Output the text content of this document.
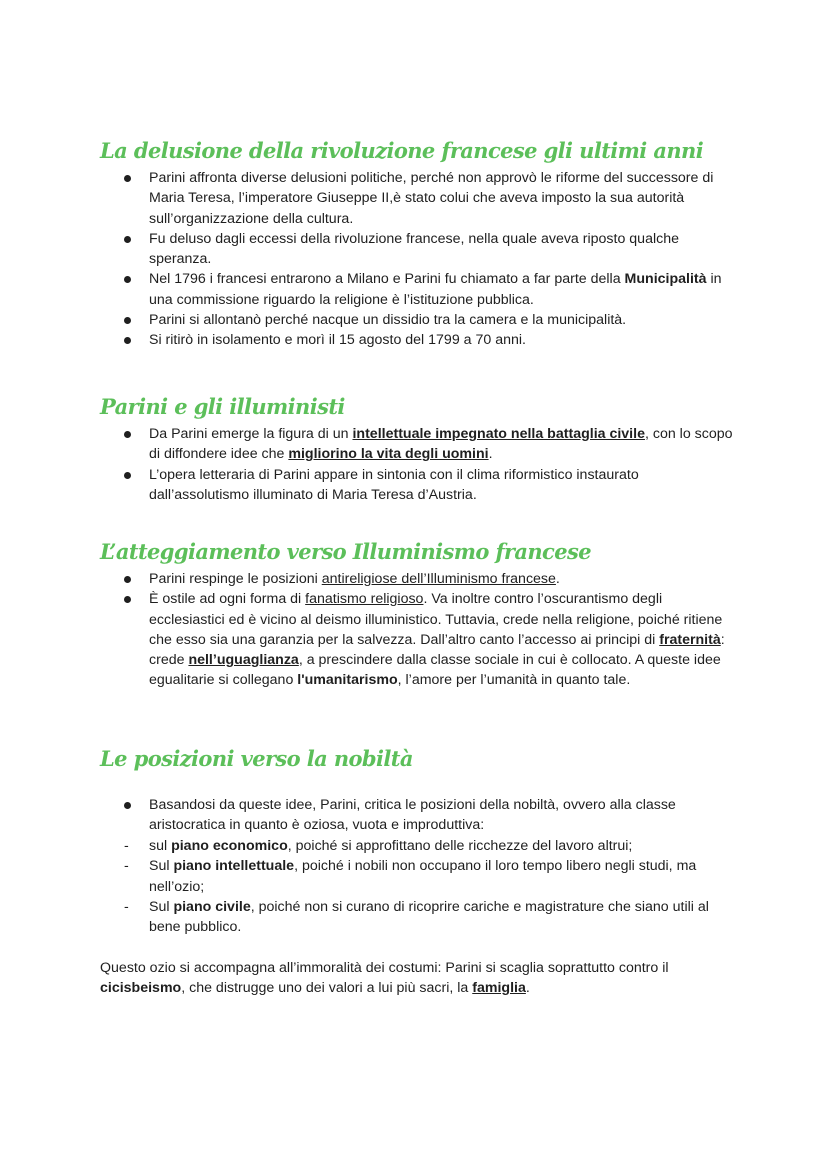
La delusione della rivoluzione francese gli ultimi anni
Parini affronta diverse delusioni politiche, perché non approvò le riforme del successore di Maria Teresa, l’imperatore Giuseppe II,è stato colui che aveva imposto la sua autorità sull’organizzazione della cultura.
Fu deluso dagli eccessi della rivoluzione francese, nella quale aveva riposto qualche speranza.
Nel 1796 i francesi entrarono a Milano e Parini fu chiamato a far parte della Municipalità in una commissione riguardo la religione è l’istituzione pubblica.
Parini si allontanò perché nacque un dissidio tra la camera e la municipalità.
Si ritirò in isolamento e morì il 15 agosto del 1799 a 70 anni.
Parini e gli illuministi
Da Parini emerge la figura di un intellettuale impegnato nella battaglia civile, con lo scopo di diffondere idee che migliorino la vita degli uomini.
L’opera letteraria di Parini appare in sintonia con il clima riformistico instaurato dall’assolutismo illuminato di Maria Teresa d’Austria.
L’atteggiamento verso Illuminismo francese
Parini respinge le posizioni antireligiose dell’Illuminismo francese.
È ostile ad ogni forma di fanatismo religioso. Va inoltre contro l’oscurantismo degli ecclesiastici ed è vicino al deismo illuministico. Tuttavia, crede nella religione, poiché ritiene che esso sia una garanzia per la salvezza. Dall’altro canto l’accesso ai principi di fraternità: crede nell’uguaglianza, a prescindere dalla classe sociale in cui è collocato. A queste idee egualitarie si collegano l'umanitarismo, l’amore per l’umanità in quanto tale.
Le posizioni verso la nobiltà
Basandosi da queste idee, Parini, critica le posizioni della nobiltà, ovvero alla classe aristocratica in quanto è oziosa, vuota e improduttiva:
- sul piano economico, poiché si approfittano delle ricchezze del lavoro altrui;
- Sul piano intellettuale, poiché i nobili non occupano il loro tempo libero negli studi, ma nell’ozio;
- Sul piano civile, poiché non si curano di ricoprire cariche e magistrature che siano utili al bene pubblico.

Questo ozio si accompagna all’immoralità dei costumi: Parini si scaglia soprattutto contro il cicisbeismo, che distrugge uno dei valori a lui più sacri, la famiglia.
